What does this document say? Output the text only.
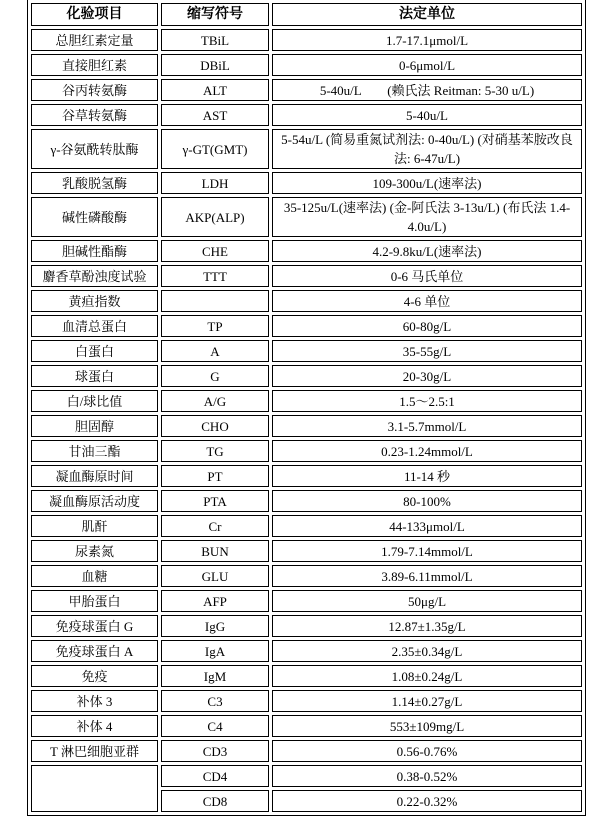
化验项目	缩写符号	法定单位
总胆红素定量	TBiL	1.7-17.1μmol/L
直接胆红素	DBiL	0-6μmol/L
谷丙转氨酶	ALT	5-40u/L　　(赖氏法 Reitman: 5-30 u/L)
谷草转氨酶	AST	5-40u/L
γ-谷氨酰转肽酶	γ-GT(GMT)	5-54u/L (简易重氮试剂法: 0-40u/L) (对硝基苯胺改良法: 6-47u/L)
乳酸脱氢酶	LDH	109-300u/L(速率法)
碱性磷酸酶	AKP(ALP)	35-125u/L(速率法) (金-阿氏法 3-13u/L) (布氏法 1.4-4.0u/L)
胆碱性酯酶	CHE	4.2-9.8ku/L(速率法)
麝香草酚浊度试验	TTT	0-6 马氏单位
黄疸指数		4-6 单位
血清总蛋白	TP	60-80g/L
白蛋白	A	35-55g/L
球蛋白	G	20-30g/L
白/球比值	A/G	1.5～2.5:1
胆固醇	CHO	3.1-5.7mmol/L
甘油三酯	TG	0.23-1.24mmol/L
凝血酶原时间	PT	11-14 秒
凝血酶原活动度	PTA	80-100%
肌酐	Cr	44-133μmol/L
尿素氮	BUN	1.79-7.14mmol/L
血糖	GLU	3.89-6.11mmol/L
甲胎蛋白	AFP	50μg/L
免疫球蛋白 G	IgG	12.87±1.35g/L
免疫球蛋白 A	IgA	2.35±0.34g/L
免疫	IgM	1.08±0.24g/L
补体 3	C3	1.14±0.27g/L
补体 4	C4	553±109mg/L
T 淋巴细胞亚群	CD3	0.56-0.76%
	CD4	0.38-0.52%
	CD8	0.22-0.32%
